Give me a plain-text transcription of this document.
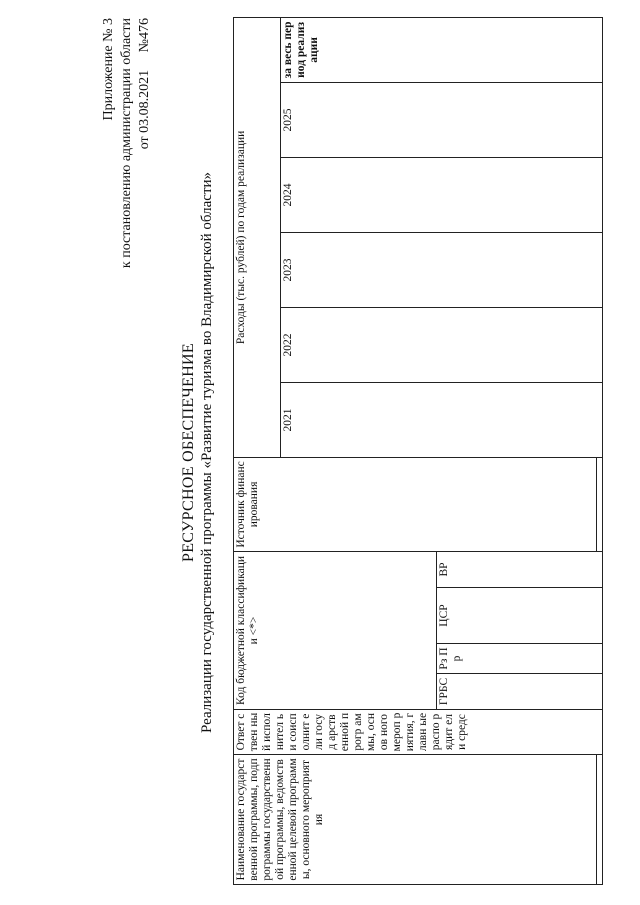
Приложение № 3 к постановлению администрации области от 03.08.2021     №476
РЕСУРСНОЕ ОБЕСПЕЧЕНИЕ Реализации государственной программы «Развитие туризма во Владимирской области»
Наименование государственной программы, подпрограммы государственной программы, ведомственной целевой программы, основного мероприятия	Ответ ствен ный испол нител ь и соисп олнит ели госуд арств енной прогр аммы, основ ного мероп риятия, главн ые распо рядит ели средс	Код бюджетной классификации <*>				Источник финансирования	Расходы (тыс. рублей) по годам реализации					
							2021	2022	2023	2024	2025	за весь период реализации
		ГРБС	Рз П р	ЦСР	ВР							
